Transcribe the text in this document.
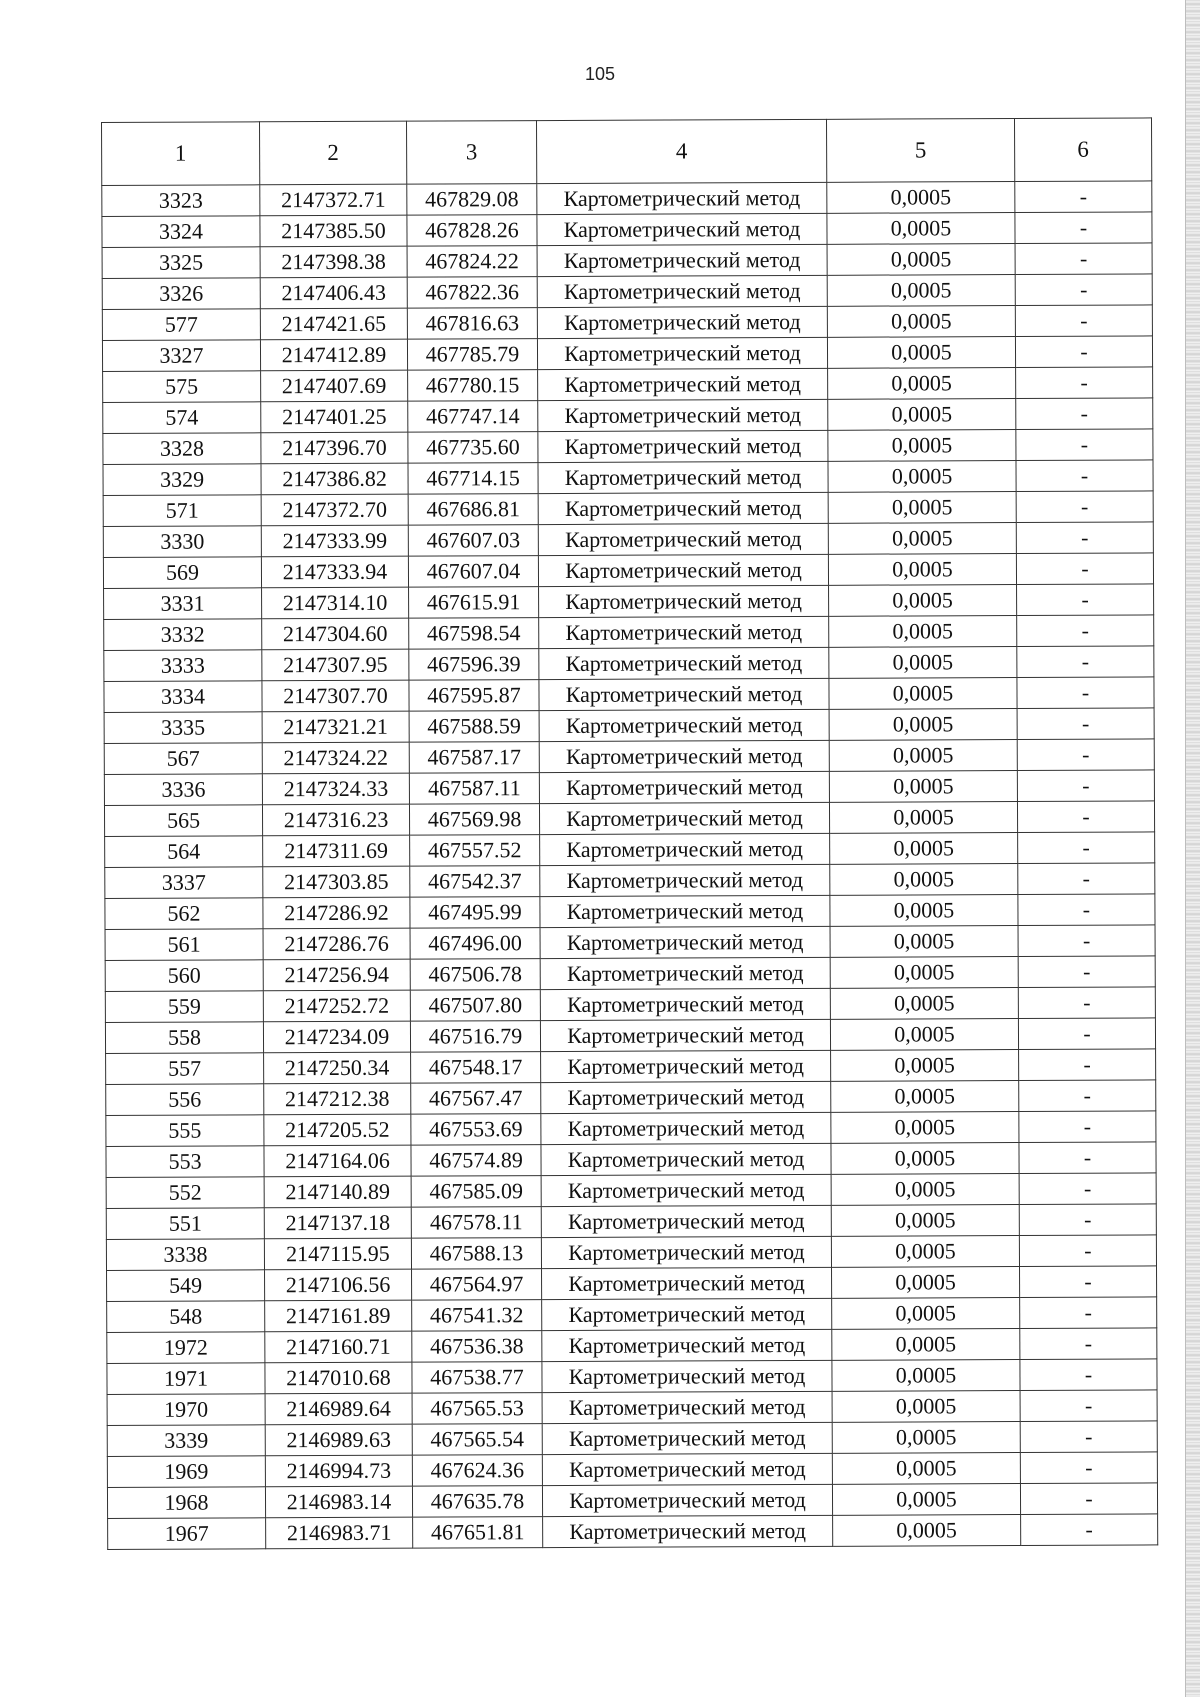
105
1	2	3	4	5	6
3323	2147372.71	467829.08	Картометрический метод	0,0005	-
3324	2147385.50	467828.26	Картометрический метод	0,0005	-
3325	2147398.38	467824.22	Картометрический метод	0,0005	-
3326	2147406.43	467822.36	Картометрический метод	0,0005	-
577	2147421.65	467816.63	Картометрический метод	0,0005	-
3327	2147412.89	467785.79	Картометрический метод	0,0005	-
575	2147407.69	467780.15	Картометрический метод	0,0005	-
574	2147401.25	467747.14	Картометрический метод	0,0005	-
3328	2147396.70	467735.60	Картометрический метод	0,0005	-
3329	2147386.82	467714.15	Картометрический метод	0,0005	-
571	2147372.70	467686.81	Картометрический метод	0,0005	-
3330	2147333.99	467607.03	Картометрический метод	0,0005	-
569	2147333.94	467607.04	Картометрический метод	0,0005	-
3331	2147314.10	467615.91	Картометрический метод	0,0005	-
3332	2147304.60	467598.54	Картометрический метод	0,0005	-
3333	2147307.95	467596.39	Картометрический метод	0,0005	-
3334	2147307.70	467595.87	Картометрический метод	0,0005	-
3335	2147321.21	467588.59	Картометрический метод	0,0005	-
567	2147324.22	467587.17	Картометрический метод	0,0005	-
3336	2147324.33	467587.11	Картометрический метод	0,0005	-
565	2147316.23	467569.98	Картометрический метод	0,0005	-
564	2147311.69	467557.52	Картометрический метод	0,0005	-
3337	2147303.85	467542.37	Картометрический метод	0,0005	-
562	2147286.92	467495.99	Картометрический метод	0,0005	-
561	2147286.76	467496.00	Картометрический метод	0,0005	-
560	2147256.94	467506.78	Картометрический метод	0,0005	-
559	2147252.72	467507.80	Картометрический метод	0,0005	-
558	2147234.09	467516.79	Картометрический метод	0,0005	-
557	2147250.34	467548.17	Картометрический метод	0,0005	-
556	2147212.38	467567.47	Картометрический метод	0,0005	-
555	2147205.52	467553.69	Картометрический метод	0,0005	-
553	2147164.06	467574.89	Картометрический метод	0,0005	-
552	2147140.89	467585.09	Картометрический метод	0,0005	-
551	2147137.18	467578.11	Картометрический метод	0,0005	-
3338	2147115.95	467588.13	Картометрический метод	0,0005	-
549	2147106.56	467564.97	Картометрический метод	0,0005	-
548	2147161.89	467541.32	Картометрический метод	0,0005	-
1972	2147160.71	467536.38	Картометрический метод	0,0005	-
1971	2147010.68	467538.77	Картометрический метод	0,0005	-
1970	2146989.64	467565.53	Картометрический метод	0,0005	-
3339	2146989.63	467565.54	Картометрический метод	0,0005	-
1969	2146994.73	467624.36	Картометрический метод	0,0005	-
1968	2146983.14	467635.78	Картометрический метод	0,0005	-
1967	2146983.71	467651.81	Картометрический метод	0,0005	-
